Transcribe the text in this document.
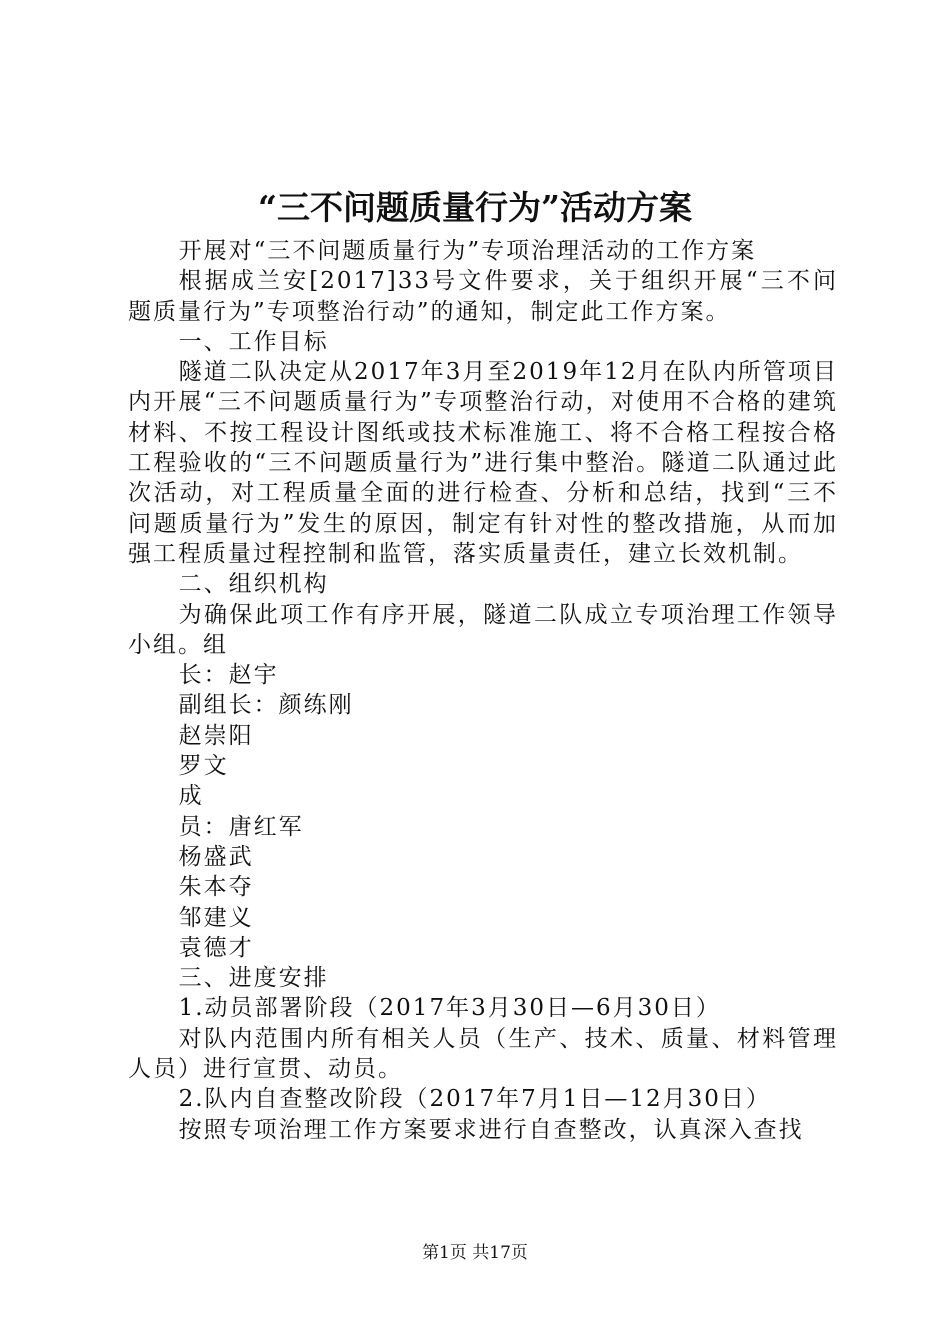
“三不问题质量行为”活动方案

开展对“三不问题质量行为”专项治理活动的工作方案

根据成兰安[2017]33号文件要求，关于组织开展“三不问题质量行为”专项整治行动”的通知，制定此工作方案。

一、工作目标

隧道二队决定从2017年3月至2019年12月在队内所管项目内开展“三不问题质量行为”专项整治行动，对使用不合格的建筑材料、不按工程设计图纸或技术标准施工、将不合格工程按合格工程验收的“三不问题质量行为”进行集中整治。隧道二队通过此次活动，对工程质量全面的进行检查、分析和总结，找到“三不问题质量行为”发生的原因，制定有针对性的整改措施，从而加强工程质量过程控制和监管，落实质量责任，建立长效机制。

二、组织机构

为确保此项工作有序开展，隧道二队成立专项治理工作领导小组。组

长：赵宇

副组长：颜练刚

赵崇阳

罗文

成

员：唐红军

杨盛武

朱本夺

邹建义

袁德才

三、进度安排

1.动员部署阶段（2017年3月30日—6月30日）

对队内范围内所有相关人员（生产、技术、质量、材料管理人员）进行宣贯、动员。

2.队内自查整改阶段（2017年7月1日—12月30日）

按照专项治理工作方案要求进行自查整改，认真深入查找

第1页 共17页
